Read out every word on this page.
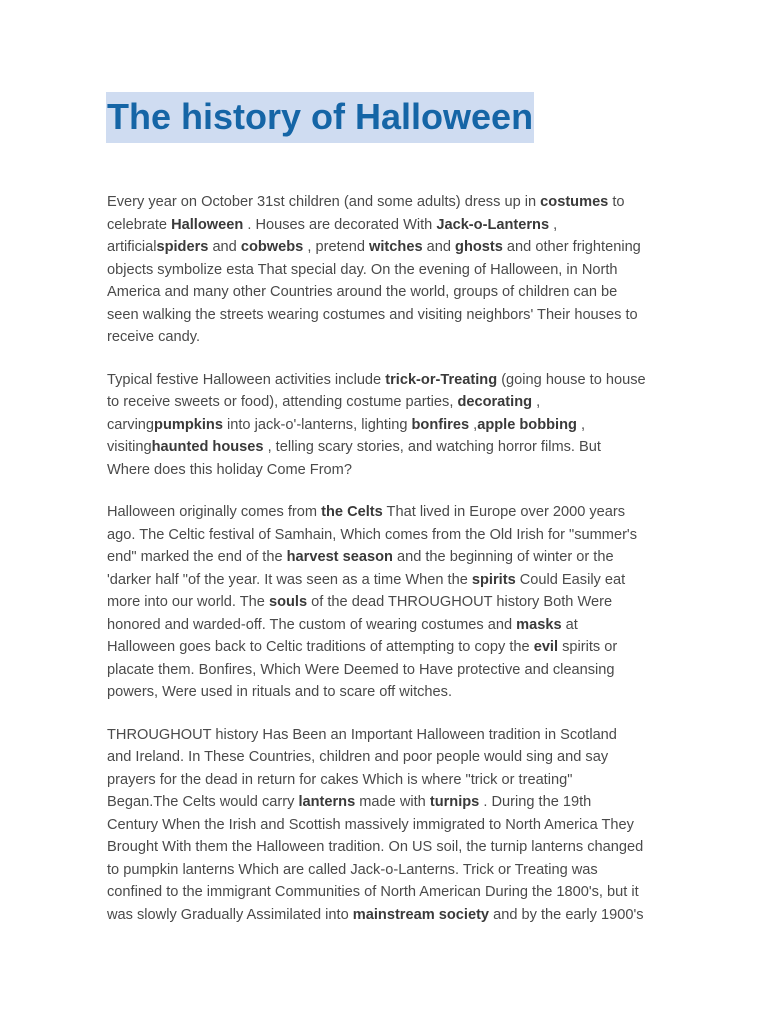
The history of Halloween

Every year on October 31st children (and some adults) dress up in costumes to
celebrate Halloween . Houses are decorated With Jack-o-Lanterns ,
artificialspiders and cobwebs , pretend witches and ghosts and other frightening
objects symbolize esta That special day. On the evening of Halloween, in North
America and many other Countries around the world, groups of children can be
seen walking the streets wearing costumes and visiting neighbors' Their houses to
receive candy.

Typical festive Halloween activities include trick-or-Treating (going house to house
to receive sweets or food), attending costume parties, decorating ,
carvingpumpkins into jack-o'-lanterns, lighting bonfires ,apple bobbing ,
visitinghaunted houses , telling scary stories, and watching horror films. But
Where does this holiday Come From?

Halloween originally comes from the Celts That lived in Europe over 2000 years
ago. The Celtic festival of Samhain, Which comes from the Old Irish for "summer's
end" marked the end of the harvest season and the beginning of winter or the
'darker half "of the year. It was seen as a time When the spirits Could Easily eat
more into our world. The souls of the dead THROUGHOUT history Both Were
honored and warded-off. The custom of wearing costumes and masks at
Halloween goes back to Celtic traditions of attempting to copy the evil spirits or
placate them. Bonfires, Which Were Deemed to Have protective and cleansing
powers, Were used in rituals and to scare off witches.

THROUGHOUT history Has Been an Important Halloween tradition in Scotland
and Ireland. In These Countries, children and poor people would sing and say
prayers for the dead in return for cakes Which is where "trick or treating"
Began.The Celts would carry lanterns made with turnips . During the 19th
Century When the Irish and Scottish massively immigrated to North America They
Brought With them the Halloween tradition. On US soil, the turnip lanterns changed
to pumpkin lanterns Which are called Jack-o-Lanterns. Trick or Treating was
confined to the immigrant Communities of North American During the 1800's, but it
was slowly Gradually Assimilated into mainstream society and by the early 1900's
